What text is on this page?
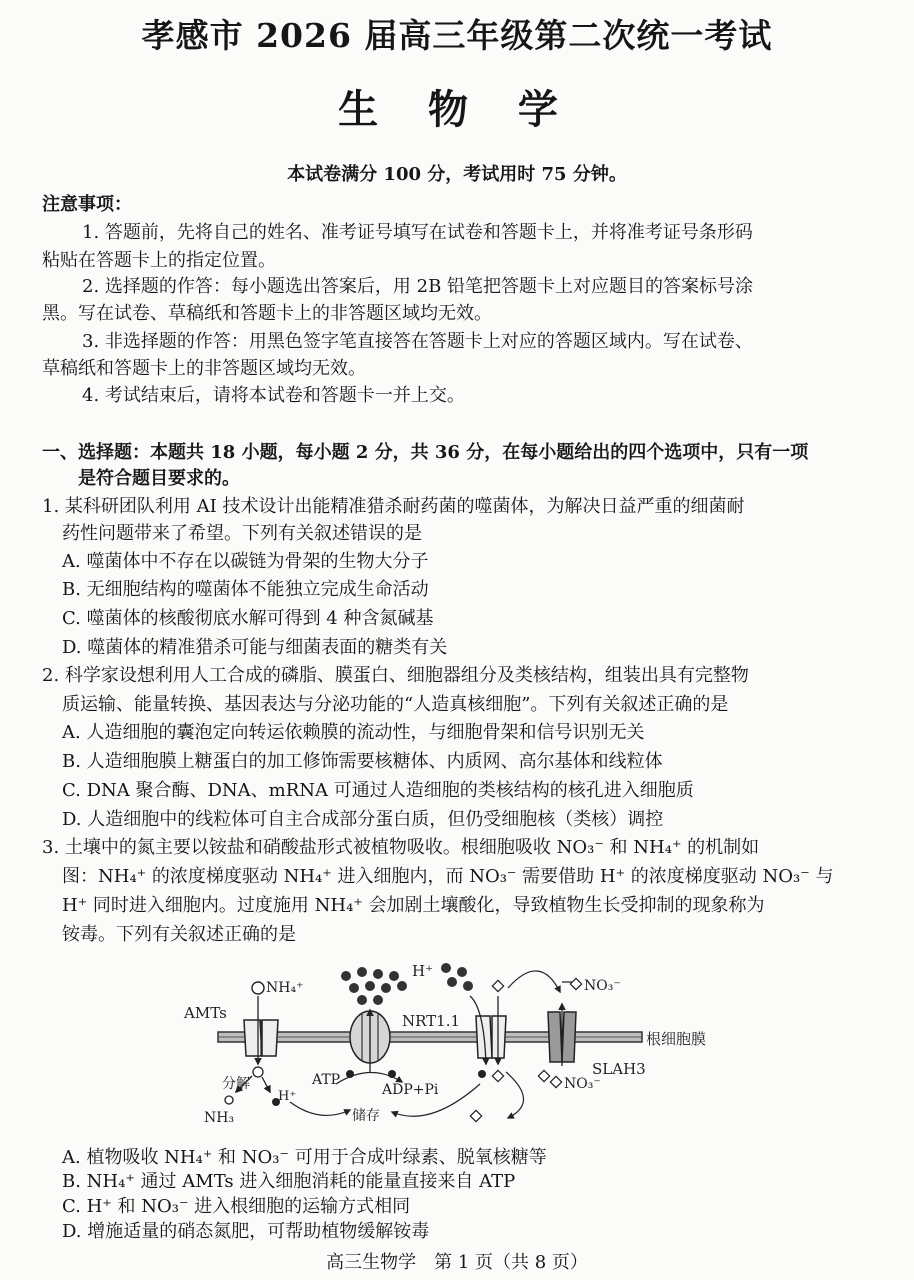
孝感市 2026 届高三年级第二次统一考试
生 物 学
本试卷满分 100 分，考试用时 75 分钟。
注意事项：
1. 答题前，先将自己的姓名、准考证号填写在试卷和答题卡上，并将准考证号条形码
粘贴在答题卡上的指定位置。
2. 选择题的作答：每小题选出答案后，用 2B 铅笔把答题卡上对应题目的答案标号涂
黑。写在试卷、草稿纸和答题卡上的非答题区域均无效。
3. 非选择题的作答：用黑色签字笔直接答在答题卡上对应的答题区域内。写在试卷、
草稿纸和答题卡上的非答题区域均无效。
4. 考试结束后，请将本试卷和答题卡一并上交。
一、选择题：本题共 18 小题，每小题 2 分，共 36 分，在每小题给出的四个选项中，只有一项
是符合题目要求的。
1. 某科研团队利用 AI 技术设计出能精准猎杀耐药菌的噬菌体，为解决日益严重的细菌耐
药性问题带来了希望。下列有关叙述错误的是
A. 噬菌体中不存在以碳链为骨架的生物大分子
B. 无细胞结构的噬菌体不能独立完成生命活动
C. 噬菌体的核酸彻底水解可得到 4 种含氮碱基
D. 噬菌体的精准猎杀可能与细菌表面的糖类有关
2. 科学家设想利用人工合成的磷脂、膜蛋白、细胞器组分及类核结构，组装出具有完整物
质运输、能量转换、基因表达与分泌功能的“人造真核细胞”。下列有关叙述正确的是
A. 人造细胞的囊泡定向转运依赖膜的流动性，与细胞骨架和信号识别无关
B. 人造细胞膜上糖蛋白的加工修饰需要核糖体、内质网、高尔基体和线粒体
C. DNA 聚合酶、DNA、mRNA 可通过人造细胞的类核结构的核孔进入细胞质
D. 人造细胞中的线粒体可自主合成部分蛋白质，但仍受细胞核（类核）调控
3. 土壤中的氮主要以铵盐和硝酸盐形式被植物吸收。根细胞吸收 NO₃⁻ 和 NH₄⁺ 的机制如
图：NH₄⁺ 的浓度梯度驱动 NH₄⁺ 进入细胞内，而 NO₃⁻ 需要借助 H⁺ 的浓度梯度驱动 NO₃⁻ 与
H⁺ 同时进入细胞内。过度施用 NH₄⁺ 会加剧土壤酸化，导致植物生长受抑制的现象称为
铵毒。下列有关叙述正确的是
AMTs
NH₄⁺
分解
H⁺
NH₃
ATP
ADP+Pi
H⁺
NRT1.1
储存
NO₃⁻
根细胞膜
SLAH3
NO₃⁻
A. 植物吸收 NH₄⁺ 和 NO₃⁻ 可用于合成叶绿素、脱氧核糖等
B. NH₄⁺ 通过 AMTs 进入细胞消耗的能量直接来自 ATP
C. H⁺ 和 NO₃⁻ 进入根细胞的运输方式相同
D. 增施适量的硝态氮肥，可帮助植物缓解铵毒
高三生物学　第 1 页（共 8 页）
